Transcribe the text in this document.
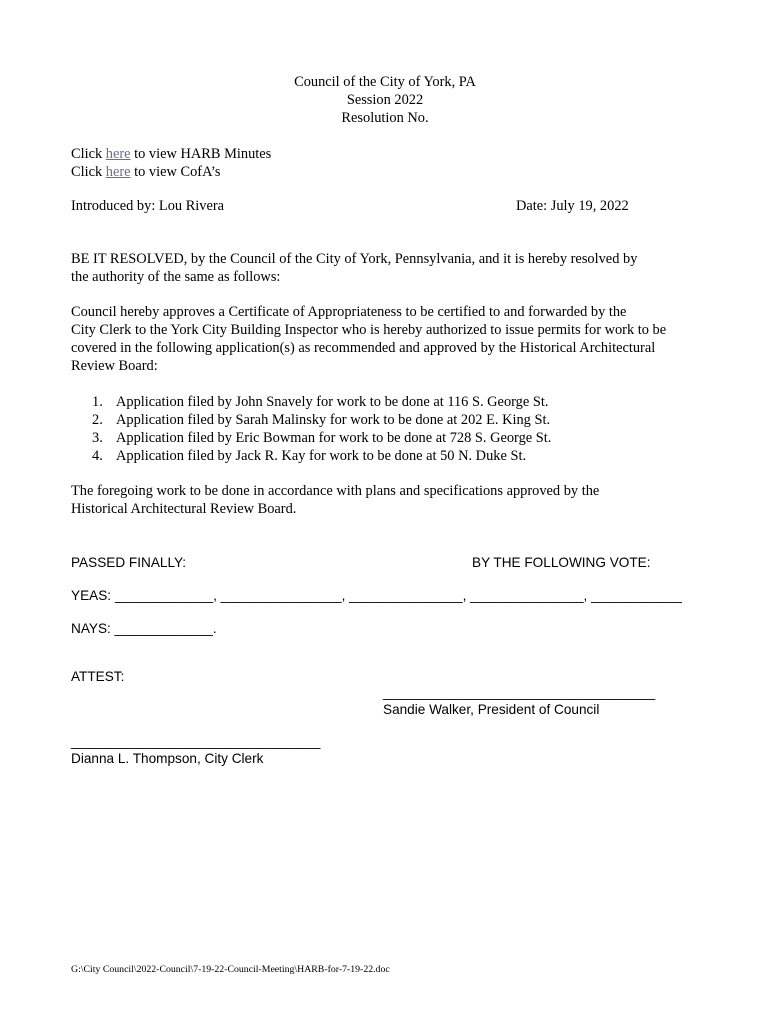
Council of the City of York, PA
Session 2022
Resolution No.
Click here to view HARB Minutes
Click here to view CofA’s
Introduced by: Lou Rivera	Date: July 19, 2022
BE IT RESOLVED, by the Council of the City of York, Pennsylvania, and it is hereby resolved by
the authority of the same as follows:
Council hereby approves a Certificate of Appropriateness to be certified to and forwarded by the
City Clerk to the York City Building Inspector who is hereby authorized to issue permits for work to be
covered in the following application(s) as recommended and approved by the Historical Architectural
Review Board:
1. Application filed by John Snavely for work to be done at 116 S. George St.
2. Application filed by Sarah Malinsky for work to be done at 202 E. King St.
3. Application filed by Eric Bowman for work to be done at 728 S. George St.
4. Application filed by Jack R. Kay for work to be done at 50 N. Duke St.
The foregoing work to be done in accordance with plans and specifications approved by the
Historical Architectural Review Board.
PASSED FINALLY:	BY THE FOLLOWING VOTE:
YEAS: _____________, ________________, _______________, _______________, ____________
NAYS: _____________.
ATTEST:
____________________________________
Sandie Walker, President of Council
_________________________________
Dianna L. Thompson, City Clerk
G:\City Council\2022-Council\7-19-22-Council-Meeting\HARB-for-7-19-22.doc
